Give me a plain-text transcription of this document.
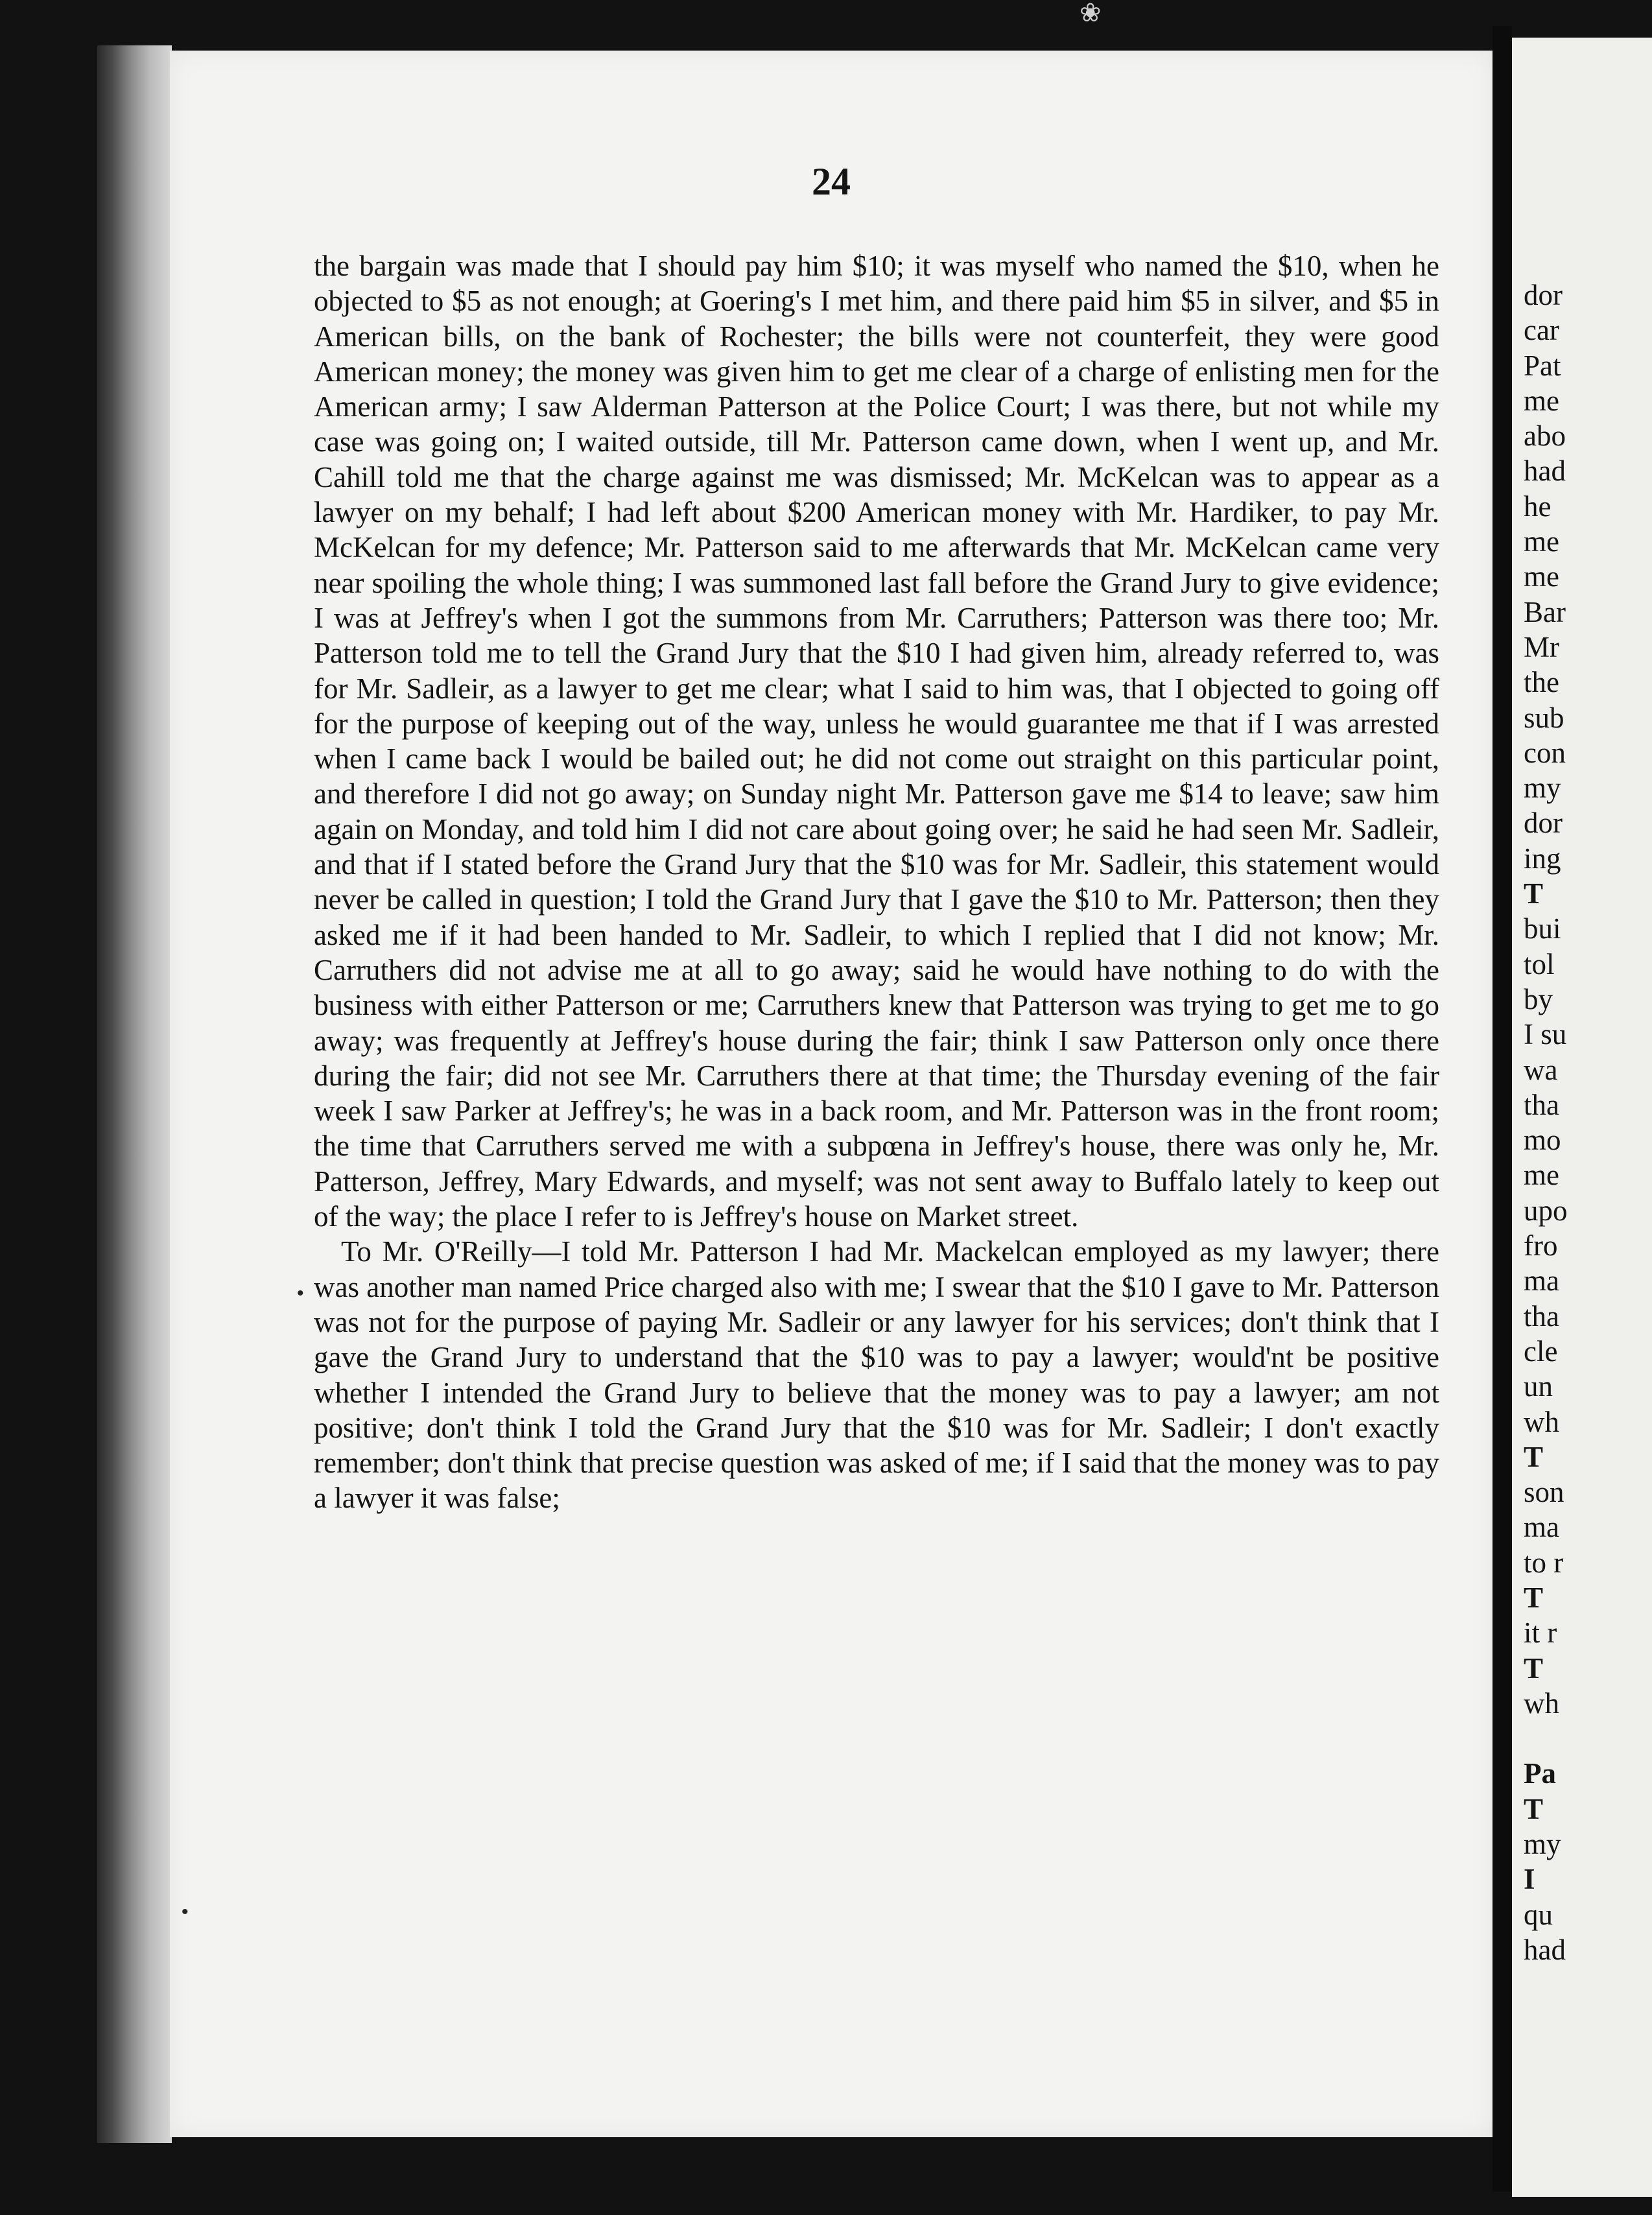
❀
24

the bargain was made that I should pay him $10; it was myself who named the $10, when he objected to $5 as not enough; at Goering's I met him, and there paid him $5 in silver, and $5 in American bills, on the bank of Rochester; the bills were not counterfeit, they were good American money; the money was given him to get me clear of a charge of enlisting men for the American army; I saw Alderman Patterson at the Police Court; I was there, but not while my case was going on; I waited outside, till Mr. Patterson came down, when I went up, and Mr. Cahill told me that the charge against me was dismissed; Mr. McKelcan was to appear as a lawyer on my behalf; I had left about $200 American money with Mr. Hardiker, to pay Mr. McKelcan for my defence; Mr. Patterson said to me afterwards that Mr. McKelcan came very near spoiling the whole thing; I was summoned last fall before the Grand Jury to give evidence; I was at Jeffrey's when I got the summons from Mr. Carruthers; Patterson was there too; Mr. Patterson told me to tell the Grand Jury that the $10 I had given him, already referred to, was for Mr. Sadleir, as a lawyer to get me clear; what I said to him was, that I objected to going off for the purpose of keeping out of the way, unless he would guarantee me that if I was arrested when I came back I would be bailed out; he did not come out straight on this particular point, and therefore I did not go away; on Sunday night Mr. Patterson gave me $14 to leave; saw him again on Monday, and told him I did not care about going over; he said he had seen Mr. Sadleir, and that if I stated before the Grand Jury that the $10 was for Mr. Sadleir, this statement would never be called in question; I told the Grand Jury that I gave the $10 to Mr. Patterson; then they asked me if it had been handed to Mr. Sadleir, to which I replied that I did not know; Mr. Carruthers did not advise me at all to go away; said he would have nothing to do with the business with either Patterson or me; Carruthers knew that Patterson was trying to get me to go away; was frequently at Jeffrey's house during the fair; think I saw Patterson only once there during the fair; did not see Mr. Carruthers there at that time; the Thursday evening of the fair week I saw Parker at Jeffrey's; he was in a back room, and Mr. Patterson was in the front room; the time that Carruthers served me with a subpœna in Jeffrey's house, there was only he, Mr. Patterson, Jeffrey, Mary Edwards, and myself; was not sent away to Buffalo lately to keep out of the way; the place I refer to is Jeffrey's house on Market street.

To Mr. O'Reilly—I told Mr. Patterson I had Mr. Mackelcan employed as my lawyer; there was another man named Price charged also with me; I swear that the $10 I gave to Mr. Patterson was not for the purpose of paying Mr. Sadleir or any lawyer for his services; don't think that I gave the Grand Jury to understand that the $10 was to pay a lawyer; would'nt be positive whether I intended the Grand Jury to believe that the money was to pay a lawyer; am not positive; don't think I told the Grand Jury that the $10 was for Mr. Sadleir; I don't exactly remember; don't think that precise question was asked of me; if I said that the money was to pay a lawyer it was false;

•
•
dor
car
Pat
me
abo
had
he
me
me
Bar
Mr
the
sub
con
my
dor
ing
T
bui
tol
by
I su
wa
tha
mo
me
upo
fro
ma
tha
cle
un
wh
T
son
ma
to r
T
it r
T
wh
Pa
T
my
I
qu
had
